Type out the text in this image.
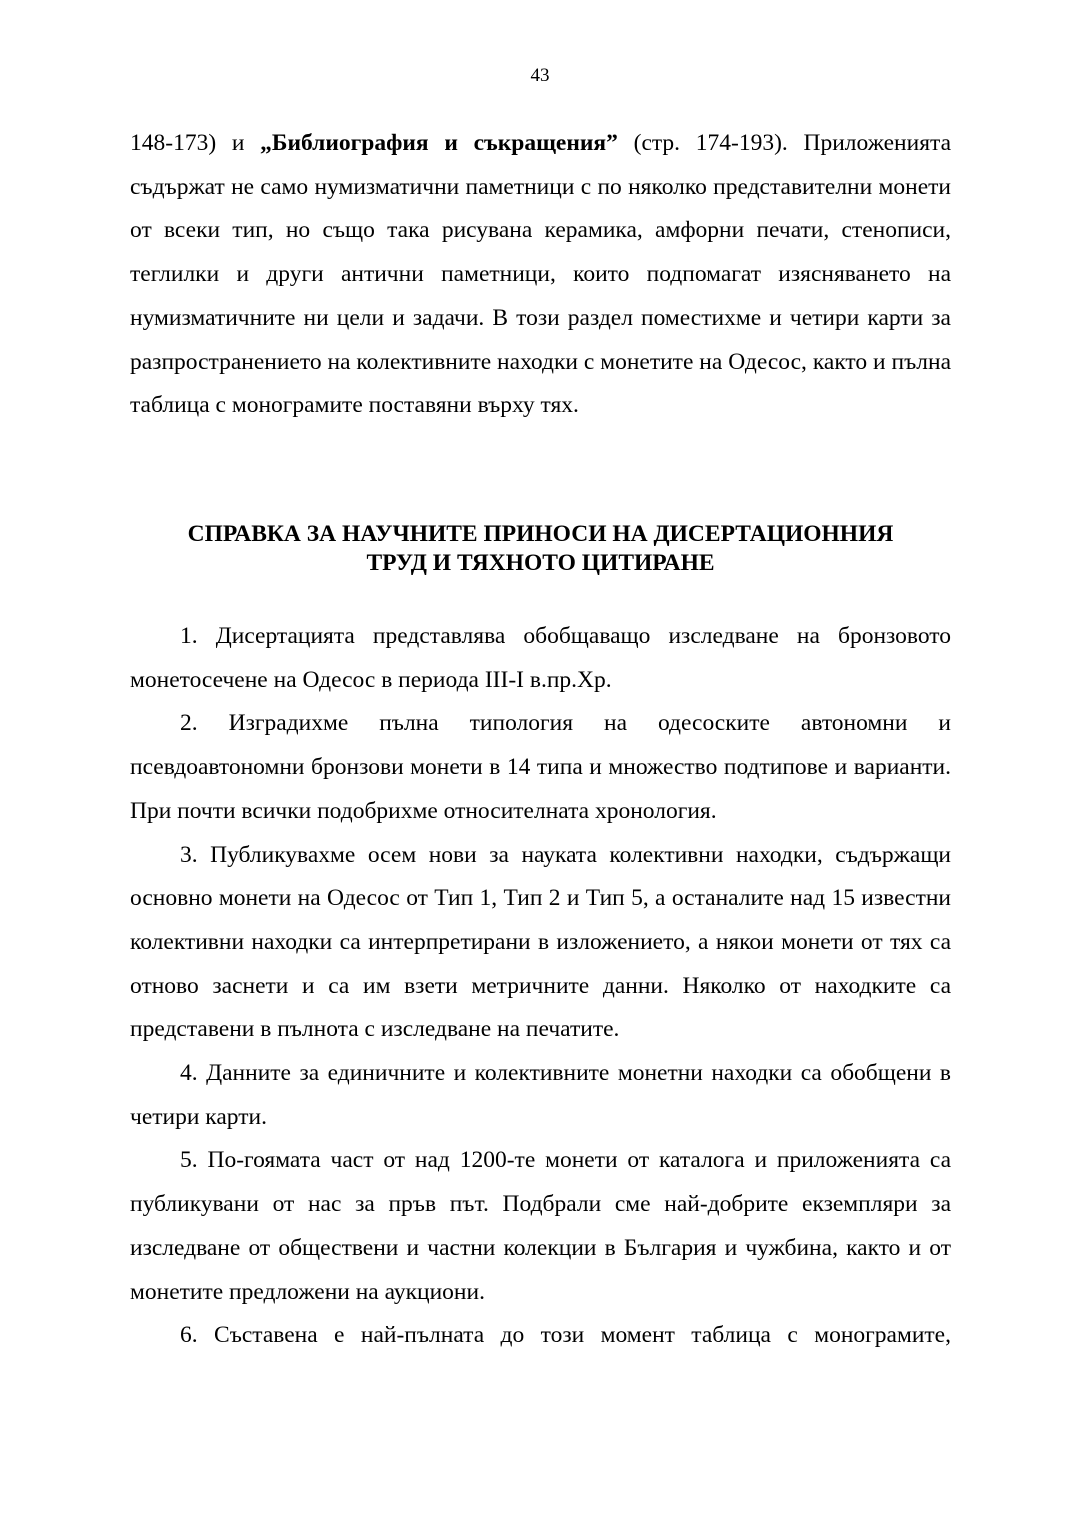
43

148-173) и „Библиография и съкращения” (стр. 174-193). Приложенията съдържат не само нумизматични паметници с по няколко представителни монети от всеки тип, но също така рисувана керамика, амфорни печати, стенописи, теглилки и други антични паметници, които подпомагат изясняването на нумизматичните ни цели и задачи. В този раздел поместихме и четири карти за разпространението на колективните находки с монетите на Одесос, както и пълна таблица с монограмите поставяни върху тях.

СПРАВКА ЗА НАУЧНИТЕ ПРИНОСИ НА ДИСЕРТАЦИОННИЯ
ТРУД И ТЯХНОТО ЦИТИРАНЕ

1. Дисертацията представлява обобщаващо изследване на бронзовото монетосечене на Одесос в периода ІІІ-І в.пр.Хр.

2. Изградихме пълна типология на одесоските автономни и псевдоавтономни бронзови монети в 14 типа и множество подтипове и варианти. При почти всички подобрихме относителната хронология.

3. Публикувахме осем нови за науката колективни находки, съдържащи основно монети на Одесос от Тип 1, Тип 2 и Тип 5, а останалите над 15 известни колективни находки са интерпретирани в изложението, а някои монети от тях са отново заснети и са им взети метричните данни. Няколко от находките са представени в пълнота с изследване на печатите.

4. Данните за единичните и колективните монетни находки са обобщени в четири карти.

5. По-гоямата част от над 1200-те монети от каталога и приложенията са публикувани от нас за пръв път. Подбрали сме най-добрите екземпляри за изследване от обществени и частни колекции в България и чужбина, както и от монетите предложени на аукциони.

6. Съставена е най-пълната до този момент таблица с монограмите,
